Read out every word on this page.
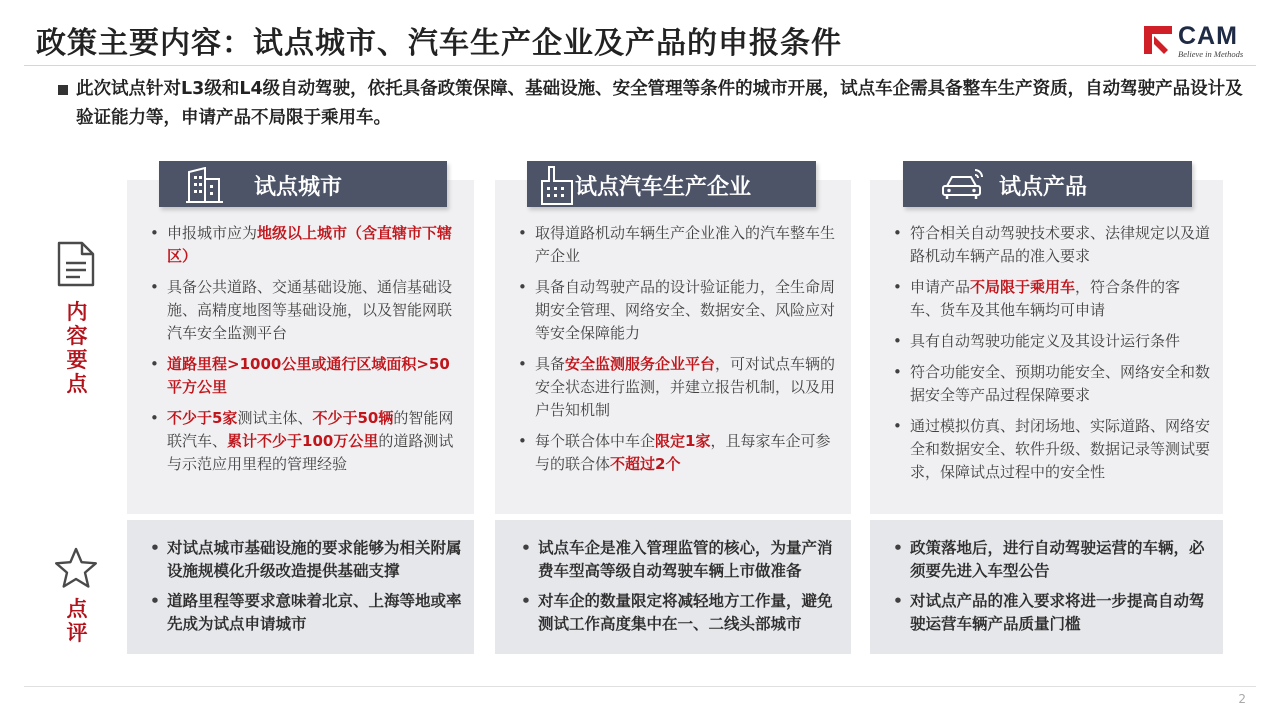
政策主要内容：试点城市、汽车生产企业及产品的申报条件	CAM
Believe in Methods
此次试点针对L3级和L4级自动驾驶，依托具备政策保障、基础设施、安全管理等条件的城市开展，试点车企需具备整车生产资质，自动驾驶产品设计及验证能力等，申请产品不局限于乘用车。
内容要点
点评
试点城市	试点汽车生产企业	试点产品
• 申报城市应为地级以上城市（含直辖市下辖区）
• 具备公共道路、交通基础设施、通信基础设施、高精度地图等基础设施，以及智能网联汽车安全监测平台
• 道路里程>1000公里或通行区域面积>50平方公里
• 不少于5家测试主体、不少于50辆的智能网联汽车、累计不少于100万公里的道路测试与示范应用里程的管理经验
• 取得道路机动车辆生产企业准入的汽车整车生产企业
• 具备自动驾驶产品的设计验证能力，全生命周期安全管理、网络安全、数据安全、风险应对等安全保障能力
• 具备安全监测服务企业平台，可对试点车辆的安全状态进行监测，并建立报告机制，以及用户告知机制
• 每个联合体中车企限定1家，且每家车企可参与的联合体不超过2个
• 符合相关自动驾驶技术要求、法律规定以及道路机动车辆产品的准入要求
• 申请产品不局限于乘用车，符合条件的客车、货车及其他车辆均可申请
• 具有自动驾驶功能定义及其设计运行条件
• 符合功能安全、预期功能安全、网络安全和数据安全等产品过程保障要求
• 通过模拟仿真、封闭场地、实际道路、网络安全和数据安全、软件升级、数据记录等测试要求，保障试点过程中的安全性
• 对试点城市基础设施的要求能够为相关附属设施规模化升级改造提供基础支撑
• 道路里程等要求意味着北京、上海等地或率先成为试点申请城市
• 试点车企是准入管理监管的核心，为量产消费车型高等级自动驾驶车辆上市做准备
• 对车企的数量限定将减轻地方工作量，避免测试工作高度集中在一、二线头部城市
• 政策落地后，进行自动驾驶运营的车辆，必须要先进入车型公告
• 对试点产品的准入要求将进一步提高自动驾驶运营车辆产品质量门槛
2
